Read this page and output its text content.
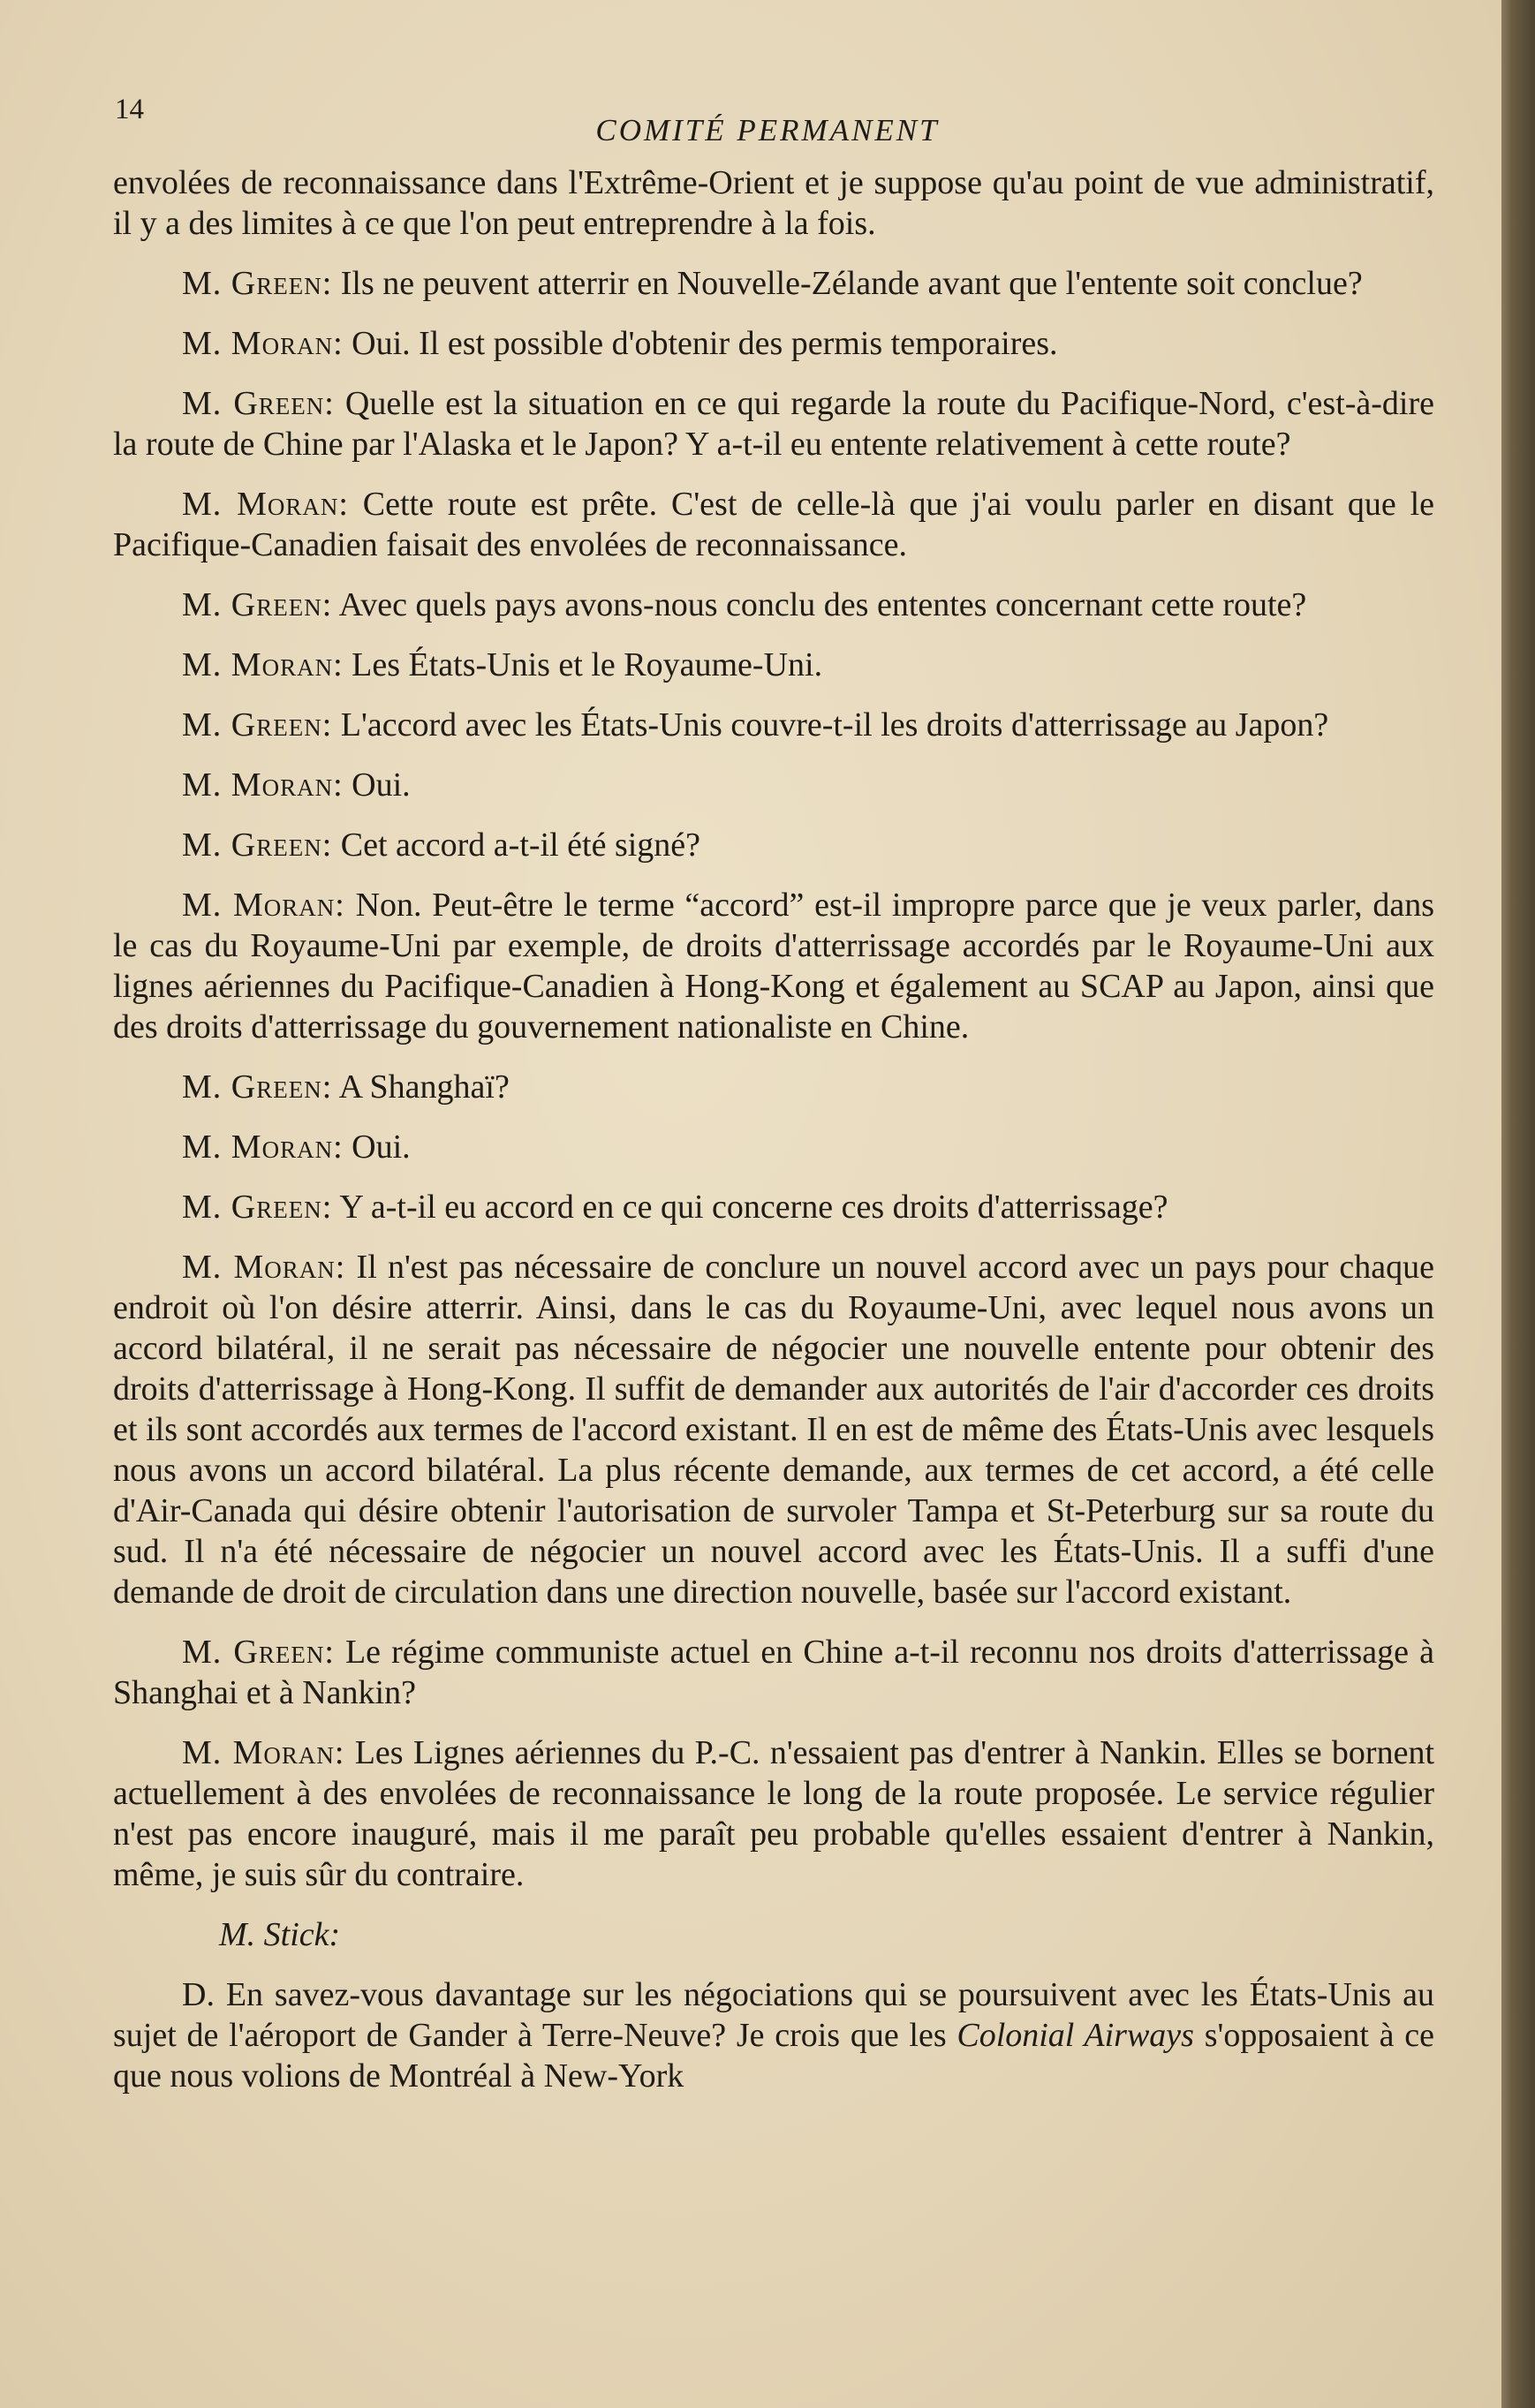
14
COMITÉ PERMANENT

envolées de reconnaissance dans l'Extrême-Orient et je suppose qu'au point de vue administratif, il y a des limites à ce que l'on peut entreprendre à la fois.

M. Green: Ils ne peuvent atterrir en Nouvelle-Zélande avant que l'entente soit conclue?

M. Moran: Oui. Il est possible d'obtenir des permis temporaires.

M. Green: Quelle est la situation en ce qui regarde la route du Pacifique-Nord, c'est-à-dire la route de Chine par l'Alaska et le Japon? Y a-t-il eu entente relativement à cette route?

M. Moran: Cette route est prête. C'est de celle-là que j'ai voulu parler en disant que le Pacifique-Canadien faisait des envolées de reconnaissance.

M. Green: Avec quels pays avons-nous conclu des ententes concernant cette route?

M. Moran: Les États-Unis et le Royaume-Uni.

M. Green: L'accord avec les États-Unis couvre-t-il les droits d'atterrissage au Japon?

M. Moran: Oui.

M. Green: Cet accord a-t-il été signé?

M. Moran: Non. Peut-être le terme “accord” est-il impropre parce que je veux parler, dans le cas du Royaume-Uni par exemple, de droits d'atterrissage accordés par le Royaume-Uni aux lignes aériennes du Pacifique-Canadien à Hong-Kong et également au SCAP au Japon, ainsi que des droits d'atterrissage du gouvernement nationaliste en Chine.

M. Green: A Shanghaï?

M. Moran: Oui.

M. Green: Y a-t-il eu accord en ce qui concerne ces droits d'atterrissage?

M. Moran: Il n'est pas nécessaire de conclure un nouvel accord avec un pays pour chaque endroit où l'on désire atterrir. Ainsi, dans le cas du Royaume-Uni, avec lequel nous avons un accord bilatéral, il ne serait pas nécessaire de négocier une nouvelle entente pour obtenir des droits d'atterrissage à Hong-Kong. Il suffit de demander aux autorités de l'air d'accorder ces droits et ils sont accordés aux termes de l'accord existant. Il en est de même des États-Unis avec lesquels nous avons un accord bilatéral. La plus récente demande, aux termes de cet accord, a été celle d'Air-Canada qui désire obtenir l'autorisation de survoler Tampa et St-Peterburg sur sa route du sud. Il n'a été nécessaire de négocier un nouvel accord avec les États-Unis. Il a suffi d'une demande de droit de circulation dans une direction nouvelle, basée sur l'accord existant.

M. Green: Le régime communiste actuel en Chine a-t-il reconnu nos droits d'atterrissage à Shanghai et à Nankin?

M. Moran: Les Lignes aériennes du P.-C. n'essaient pas d'entrer à Nankin. Elles se bornent actuellement à des envolées de reconnaissance le long de la route proposée. Le service régulier n'est pas encore inauguré, mais il me paraît peu probable qu'elles essaient d'entrer à Nankin, même, je suis sûr du contraire.

M. Stick:

D. En savez-vous davantage sur les négociations qui se poursuivent avec les États-Unis au sujet de l'aéroport de Gander à Terre-Neuve? Je crois que les Colonial Airways s'opposaient à ce que nous volions de Montréal à New-York
